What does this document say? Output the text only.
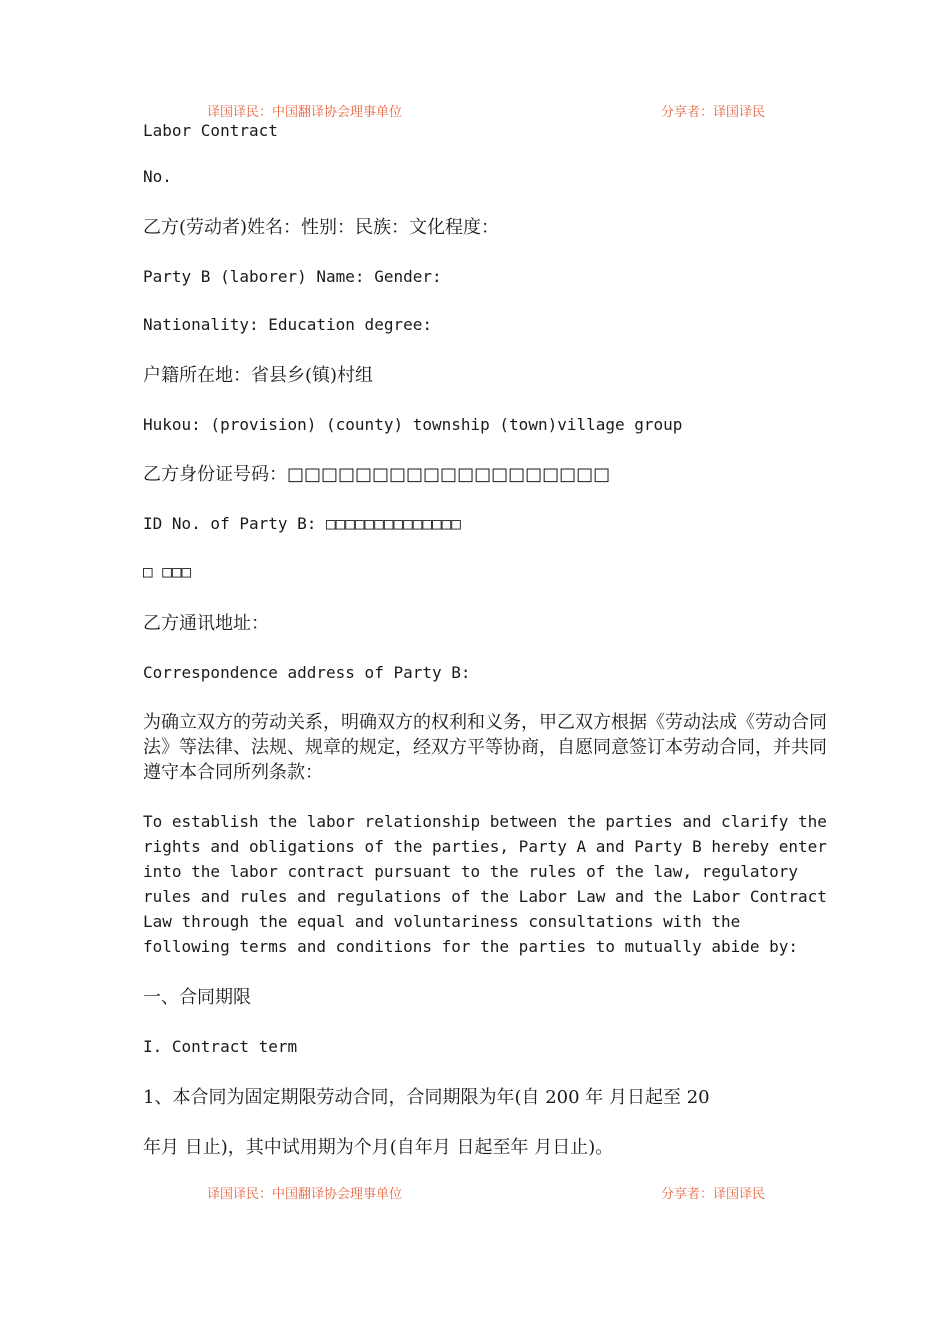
译国译民：中国翻译协会理事单位	分享者：译国译民
Labor Contract
No.
乙方(劳动者)姓名：性别：民族：文化程度：
Party B (laborer) Name: Gender:
Nationality: Education degree:
户籍所在地：省县乡(镇)村组
Hukou: (provision) (county) township (town)village group
乙方身份证号码：□□□□□□□□□□□□□□□□□□□
ID No. of Party B: □□□□□□□□□□□□□□
□ □□□
乙方通讯地址：
Correspondence address of Party B:
为确立双方的劳动关系，明确双方的权利和义务，甲乙双方根据《劳动法成《劳动合同法》等法律、法规、规章的规定，经双方平等协商，自愿同意签订本劳动合同，并共同遵守本合同所列条款：
To establish the labor relationship between the parties and clarify the rights and obligations of the parties, Party A and Party B hereby enter into the labor contract pursuant to the rules of the law, regulatory rules and rules and regulations of the Labor Law and the Labor Contract Law through the equal and voluntariness consultations with the following terms and conditions for the parties to mutually abide by:
一、合同期限
I. Contract term
1、本合同为固定期限劳动合同，合同期限为年(自 200 年 月日起至 20
年月 日止)，其中试用期为个月(自年月 日起至年 月日止)。
译国译民：中国翻译协会理事单位	分享者：译国译民
